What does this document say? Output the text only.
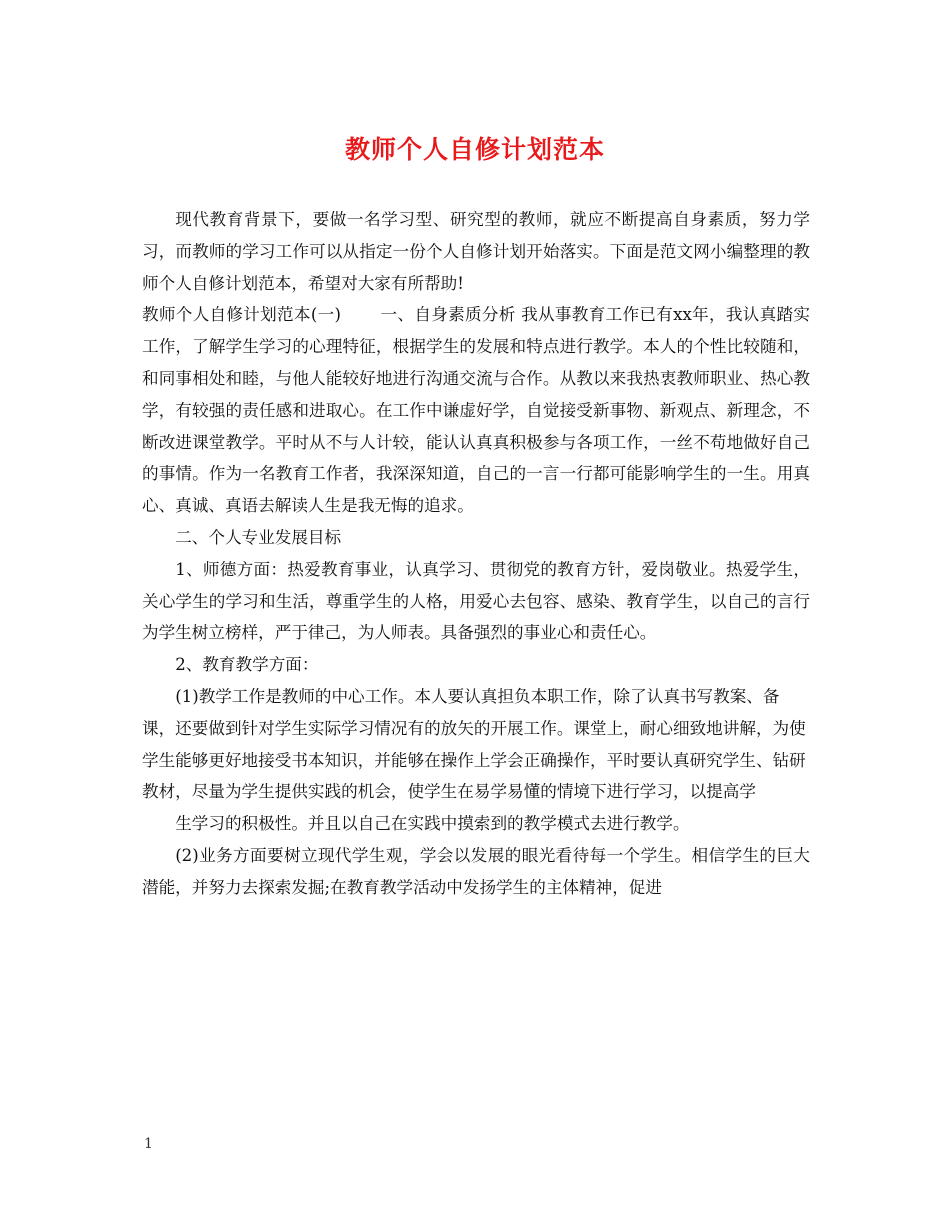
教师个人自修计划范本

现代教育背景下，要做一名学习型、研究型的教师，就应不断提高自身素质，努力学习，而教师的学习工作可以从指定一份个人自修计划开始落实。下面是范文网小编整理的教师个人自修计划范本，希望对大家有所帮助!

教师个人自修计划范本(一)　　 一、自身素质分析 我从事教育工作已有xx年，我认真踏实工作，了解学生学习的心理特征，根据学生的发展和特点进行教学。本人的个性比较随和，和同事相处和睦，与他人能较好地进行沟通交流与合作。从教以来我热衷教师职业、热心教学，有较强的责任感和进取心。在工作中谦虚好学，自觉接受新事物、新观点、新理念，不断改进课堂教学。平时从不与人计较，能认认真真积极参与各项工作，一丝不苟地做好自己的事情。作为一名教育工作者，我深深知道，自己的一言一行都可能影响学生的一生。用真心、真诚、真语去解读人生是我无悔的追求。

二、个人专业发展目标

1、师德方面：热爱教育事业，认真学习、贯彻党的教育方针，爱岗敬业。热爱学生，关心学生的学习和生活，尊重学生的人格，用爱心去包容、感染、教育学生，以自己的言行为学生树立榜样，严于律己，为人师表。具备强烈的事业心和责任心。

2、教育教学方面：

(1)教学工作是教师的中心工作。本人要认真担负本职工作，除了认真书写教案、备课，还要做到针对学生实际学习情况有的放矢的开展工作。课堂上，耐心细致地讲解，为使学生能够更好地接受书本知识，并能够在操作上学会正确操作，平时要认真研究学生、钻研教材，尽量为学生提供实践的机会，使学生在易学易懂的情境下进行学习，以提高学

生学习的积极性。并且以自己在实践中摸索到的教学模式去进行教学。

(2)业务方面要树立现代学生观，学会以发展的眼光看待每一个学生。相信学生的巨大潜能，并努力去探索发掘;在教育教学活动中发扬学生的主体精神，促进

1
